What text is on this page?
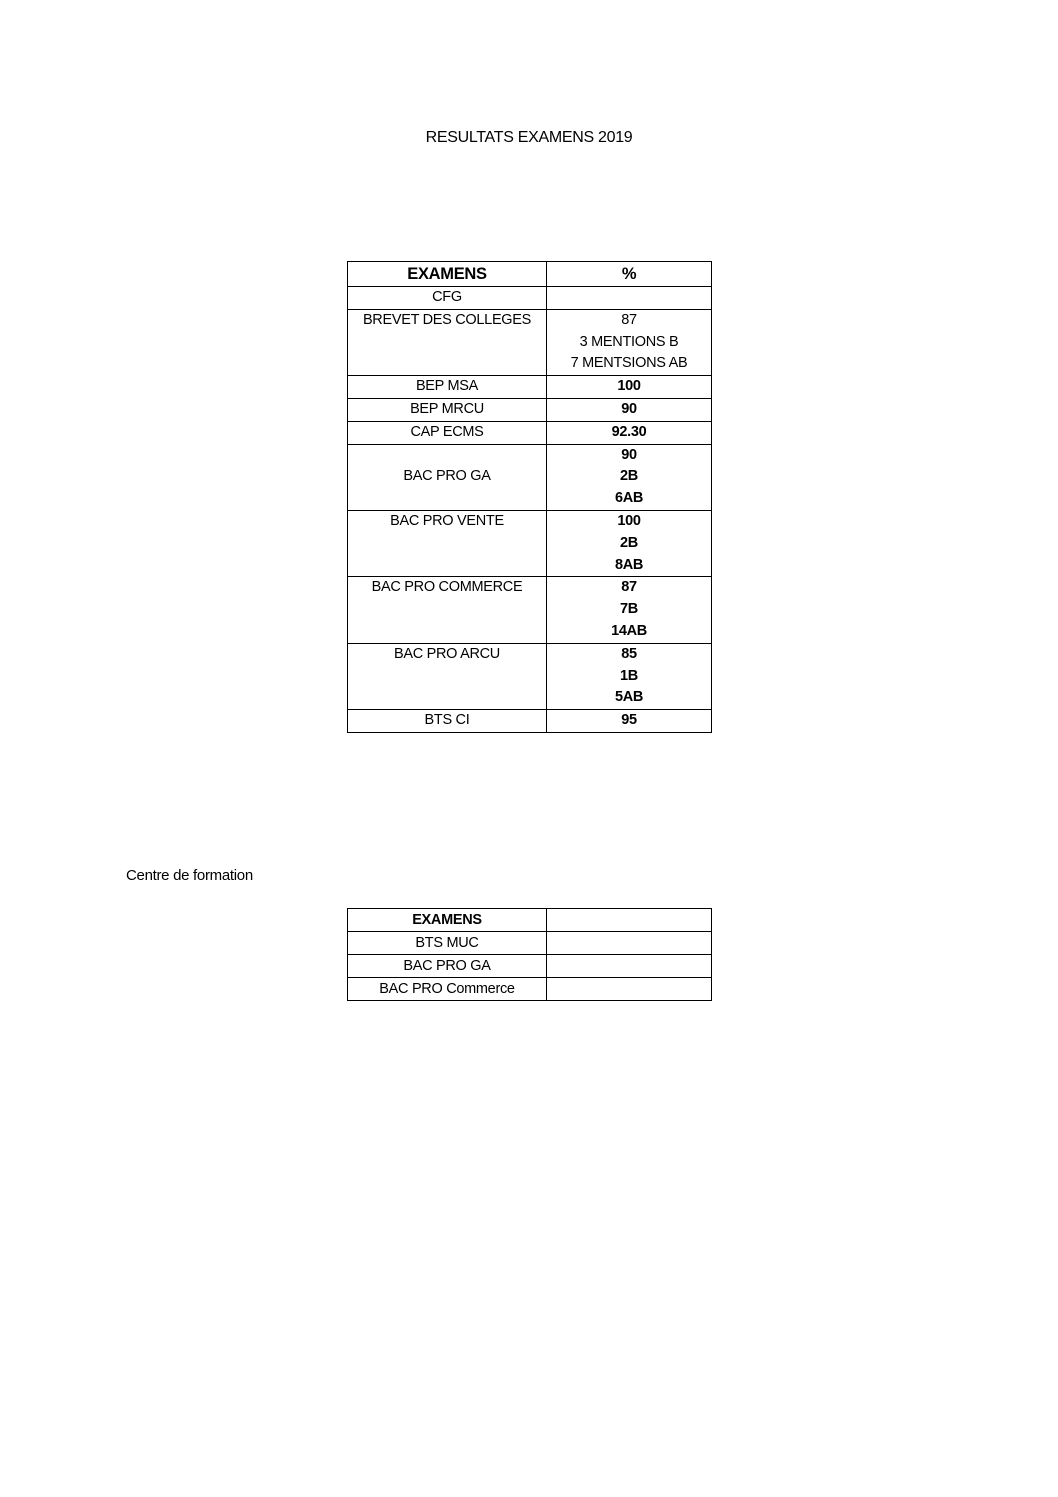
RESULTATS EXAMENS 2019
EXAMENS	%
CFG	
BREVET DES COLLEGES	87
3 MENTIONS B
7 MENTSIONS AB

BEP MSA	100
BEP MRCU	90
CAP ECMS	92.30
BAC PRO GA	90
2B
6AB

BAC PRO VENTE	100
2B
8AB

BAC PRO COMMERCE	87
7B
14AB

BAC PRO ARCU	85
1B
5AB

BTS CI	95
Centre de formation
EXAMENS	
BTS MUC	
BAC PRO GA	
BAC PRO Commerce	
